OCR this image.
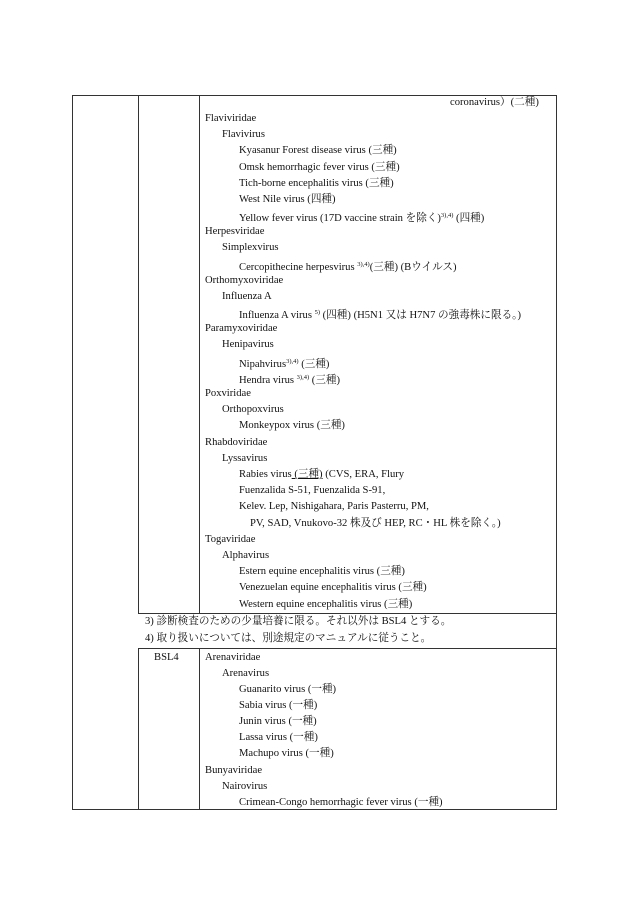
coronavirus）(二種)
Flaviviridae
Flavivirus
Kyasanur Forest disease virus (三種)
Omsk hemorrhagic fever virus (三種)
Tich-borne encephalitis virus (三種)
West Nile virus (四種)
Yellow fever virus (17D vaccine strain を除く)$^{3),4)}$ (四種)
Herpesviridae
Simplexvirus
Cercopithecine herpesvirus $^{3),4)}$(三種) (Bウイルス)
Orthomyxoviridae
Influenza A
Influenza A virus $^{5)}$ (四種) (H5N1 又は H7N7 の強毒株に限る。)
Paramyxoviridae
Henipavirus
Nipahvirus$^{3),4)}$ (三種)
Hendra virus $^{3),4)}$ (三種)
Poxviridae
Orthopoxvirus
Monkeypox virus (三種)
Rhabdoviridae
Lyssavirus
Rabies virus (三種) (CVS, ERA, Flury
Fuenzalida S-51, Fuenzalida S-91,
Kelev. Lep, Nishigahara, Paris Pasterru, PM,
PV, SAD, Vnukovo-32 株及び HEP, RC・HL 株を除く。)
Togaviridae
Alphavirus
Estern equine encephalitis virus (三種)
Venezuelan equine encephalitis virus (三種)
Western equine encephalitis virus (三種)
3) 診断検査のための少量培養に限る。それ以外は BSL4 とする。
4) 取り扱いについては、別途規定のマニュアルに従うこと。
BSL4 Arenaviridae
Arenavirus
Guanarito virus (一種)
Sabia virus (一種)
Junin virus (一種)
Lassa virus (一種)
Machupo virus (一種)
Bunyaviridae
Nairovirus
Crimean-Congo hemorrhagic fever virus (一種)
